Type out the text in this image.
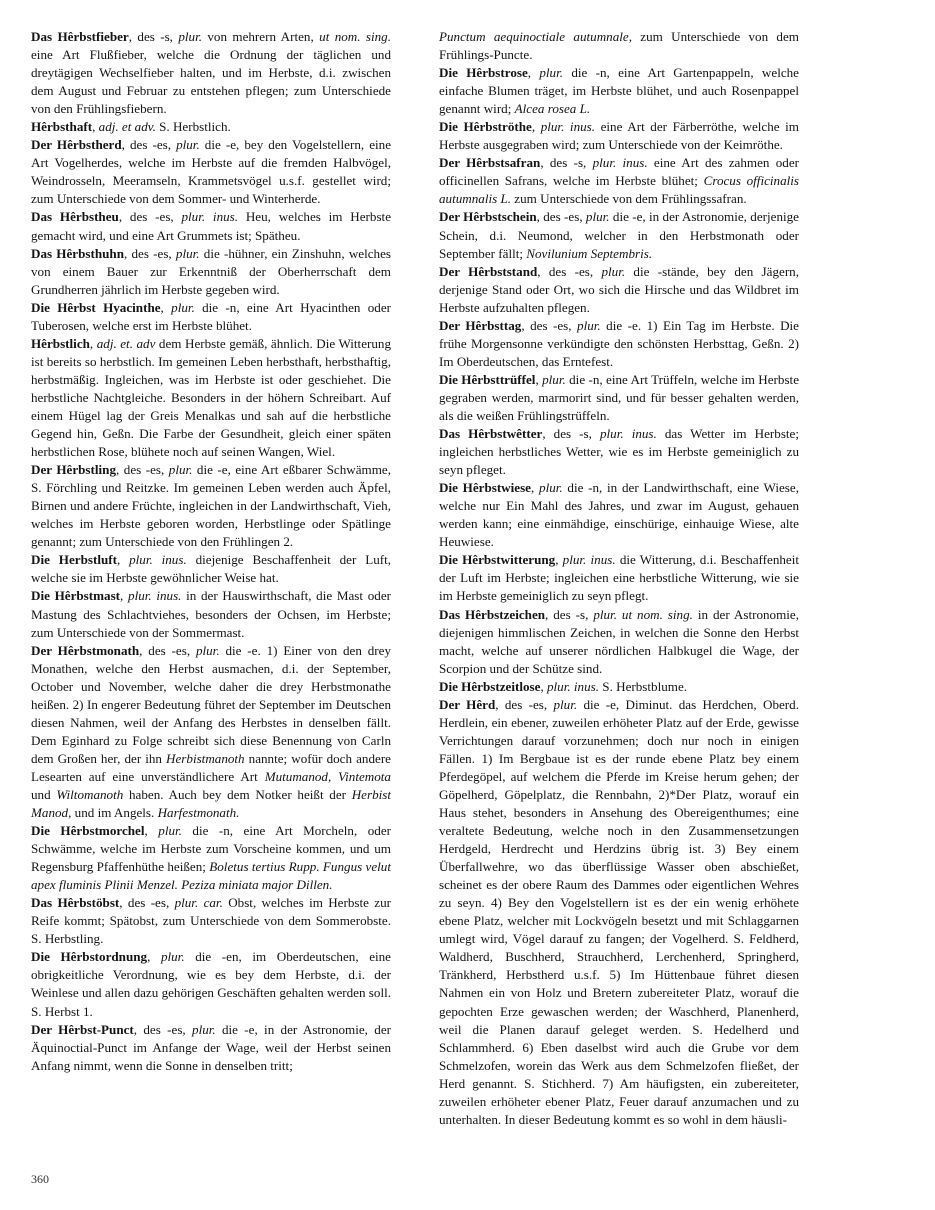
Das Hêrbstfieber, des -s, plur. von mehrern Arten, ut nom. sing. eine Art Flußfieber, welche die Ordnung der täglichen und dreytägigen Wechselfieber halten, und im Herbste, d.i. zwischen dem August und Februar zu entstehen pflegen; zum Unterschiede von den Frühlingsfiebern.

Hêrbsthaft, adj. et adv. S. Herbstlich.

Der Hêrbstherd, des -es, plur. die -e, bey den Vogelstellern, eine Art Vogelherdes, welche im Herbste auf die fremden Halbvögel, Weindrosseln, Meeramseln, Krammetsvögel u.s.f. gestellet wird; zum Unterschiede von dem Sommer- und Winterherde.

Das Hêrbstheu, des -es, plur. inus. Heu, welches im Herbste gemacht wird, und eine Art Grummets ist; Spätheu.

Das Hêrbsthuhn, des -es, plur. die -hühner, ein Zinshuhn, welches von einem Bauer zur Erkenntniß der Oberherrschaft dem Grundherren jährlich im Herbste gegeben wird.

Die Hêrbst Hyacinthe, plur. die -n, eine Art Hyacinthen oder Tuberosen, welche erst im Herbste blühet.

Hêrbstlich, adj. et. adv dem Herbste gemäß, ähnlich. Die Witterung ist bereits so herbstlich. Im gemeinen Leben herbsthaft, herbsthaftig, herbstmäßig. Ingleichen, was im Herbste ist oder geschiehet. Die herbstliche Nachtgleiche. Besonders in der höhern Schreibart. Auf einem Hügel lag der Greis Menalkas und sah auf die herbstliche Gegend hin, Geßn. Die Farbe der Gesundheit, gleich einer späten herbstlichen Rose, blühete noch auf seinen Wangen, Wiel.

Der Hêrbstling, des -es, plur. die -e, eine Art eßbarer Schwämme, S. Förchling und Reitzke. Im gemeinen Leben werden auch Äpfel, Birnen und andere Früchte, ingleichen in der Landwirthschaft, Vieh, welches im Herbste geboren worden, Herbstlinge oder Spätlinge genannt; zum Unterschiede von den Frühlingen 2.

Die Herbstluft, plur. inus. diejenige Beschaffenheit der Luft, welche sie im Herbste gewöhnlicher Weise hat.

Die Hêrbstmast, plur. inus. in der Hauswirthschaft, die Mast oder Mastung des Schlachtviehes, besonders der Ochsen, im Herbste; zum Unterschiede von der Sommermast.

Der Hêrbstmonath, des -es, plur. die -e. 1) Einer von den drey Monathen, welche den Herbst ausmachen, d.i. der September, October und November, welche daher die drey Herbstmonathe heißen. 2) In engerer Bedeutung führet der September im Deutschen diesen Nahmen, weil der Anfang des Herbstes in denselben fällt. Dem Eginhard zu Folge schreibt sich diese Benennung von Carln dem Großen her, der ihn Herbistmanoth nannte; wofür doch andere Lesearten auf eine unverständlichere Art Mutumanod, Vintemota und Wiltomanoth haben. Auch bey dem Notker heißt der Herbist Manod, und im Angels. Harfestmonath.

Die Hêrbstmorchel, plur. die -n, eine Art Morcheln, oder Schwämme, welche im Herbste zum Vorscheine kommen, und um Regensburg Pfaffenhüthe heißen; Boletus tertius Rupp. Fungus velut apex fluminis Plinii Menzel. Peziza miniata major Dillen.

Das Hêrbstöbst, des -es, plur. car. Obst, welches im Herbste zur Reife kommt; Spätobst, zum Unterschiede von dem Sommerobste. S. Herbstling.

Die Hêrbstordnung, plur. die -en, im Oberdeutschen, eine obrigkeitliche Verordnung, wie es bey dem Herbste, d.i. der Weinlese und allen dazu gehörigen Geschäften gehalten werden soll. S. Herbst 1.

Der Hêrbst-Punct, des -es, plur. die -e, in der Astronomie, der Äquinoctial-Punct im Anfange der Wage, weil der Herbst seinen Anfang nimmt, wenn die Sonne in denselben tritt;

Punctum aequinoctiale autumnale, zum Unterschiede von dem Frühlings-Puncte.

Die Hêrbstrose, plur. die -n, eine Art Gartenpappeln, welche einfache Blumen träget, im Herbste blühet, und auch Rosenpappel genannt wird; Alcea rosea L.

Die Hêrbströthe, plur. inus. eine Art der Färberröthe, welche im Herbste ausgegraben wird; zum Unterschiede von der Keimröthe.

Der Hêrbstsafran, des -s, plur. inus. eine Art des zahmen oder officinellen Safrans, welche im Herbste blühet; Crocus officinalis autumnalis L. zum Unterschiede von dem Frühlingssafran.

Der Hêrbstschein, des -es, plur. die -e, in der Astronomie, derjenige Schein, d.i. Neumond, welcher in den Herbstmonath oder September fällt; Novilunium Septembris.

Der Hêrbststand, des -es, plur. die -stände, bey den Jägern, derjenige Stand oder Ort, wo sich die Hirsche und das Wildbret im Herbste aufzuhalten pflegen.

Der Hêrbsttag, des -es, plur. die -e. 1) Ein Tag im Herbste. Die frühe Morgensonne verkündigte den schönsten Herbsttag, Geßn. 2) Im Oberdeutschen, das Erntefest.

Die Hêrbsttrüffel, plur. die -n, eine Art Trüffeln, welche im Herbste gegraben werden, marmorirt sind, und für besser gehalten werden, als die weißen Frühlingstrüffeln.

Das Hêrbstwêtter, des -s, plur. inus. das Wetter im Herbste; ingleichen herbstliches Wetter, wie es im Herbste gemeiniglich zu seyn pfleget.

Die Hêrbstwiese, plur. die -n, in der Landwirthschaft, eine Wiese, welche nur Ein Mahl des Jahres, und zwar im August, gehauen werden kann; eine einmähdige, einschürige, einhauige Wiese, alte Heuwiese.

Die Hêrbstwitterung, plur. inus. die Witterung, d.i. Beschaffenheit der Luft im Herbste; ingleichen eine herbstliche Witterung, wie sie im Herbste gemeiniglich zu seyn pflegt.

Das Hêrbstzeichen, des -s, plur. ut nom. sing. in der Astronomie, diejenigen himmlischen Zeichen, in welchen die Sonne den Herbst macht, welche auf unserer nördlichen Halbkugel die Wage, der Scorpion und der Schütze sind.

Die Hêrbstzeitlose, plur. inus. S. Herbstblume.

Der Hêrd, des -es, plur. die -e, Diminut. das Herdchen, Oberd. Herdlein, ein ebener, zuweilen erhöheter Platz auf der Erde, gewisse Verrichtungen darauf vorzunehmen; doch nur noch in einigen Fällen. 1) Im Bergbaue ist es der runde ebene Platz bey einem Pferdegöpel, auf welchem die Pferde im Kreise herum gehen; der Göpelherd, Göpelplatz, die Rennbahn, 2)*Der Platz, worauf ein Haus stehet, besonders in Ansehung des Obereigenthumes; eine veraltete Bedeutung, welche noch in den Zusammensetzungen Herdgeld, Herdrecht und Herdzins übrig ist. 3) Bey einem Überfallwehre, wo das überflüssige Wasser oben abschießet, scheinet es der obere Raum des Dammes oder eigentlichen Wehres zu seyn. 4) Bey den Vogelstellern ist es der ein wenig erhöhete ebene Platz, welcher mit Lockvögeln besetzt und mit Schlaggarnen umlegt wird, Vögel darauf zu fangen; der Vogelherd. S. Feldherd, Waldherd, Buschherd, Strauchherd, Lerchenherd, Springherd, Tränkherd, Herbstherd u.s.f. 5) Im Hüttenbaue führet diesen Nahmen ein von Holz und Bretern zubereiteter Platz, worauf die gepochten Erze gewaschen werden; der Waschherd, Planenherd, weil die Planen darauf geleget werden. S. Hedelherd und Schlammherd. 6) Eben daselbst wird auch die Grube vor dem Schmelzofen, worein das Werk aus dem Schmelzofen fließet, der Herd genannt. S. Stichherd. 7) Am häufigsten, ein zubereiteter, zuweilen erhöheter ebener Platz, Feuer darauf anzumachen und zu unterhalten. In dieser Bedeutung kommt es so wohl in dem häusli-

360
